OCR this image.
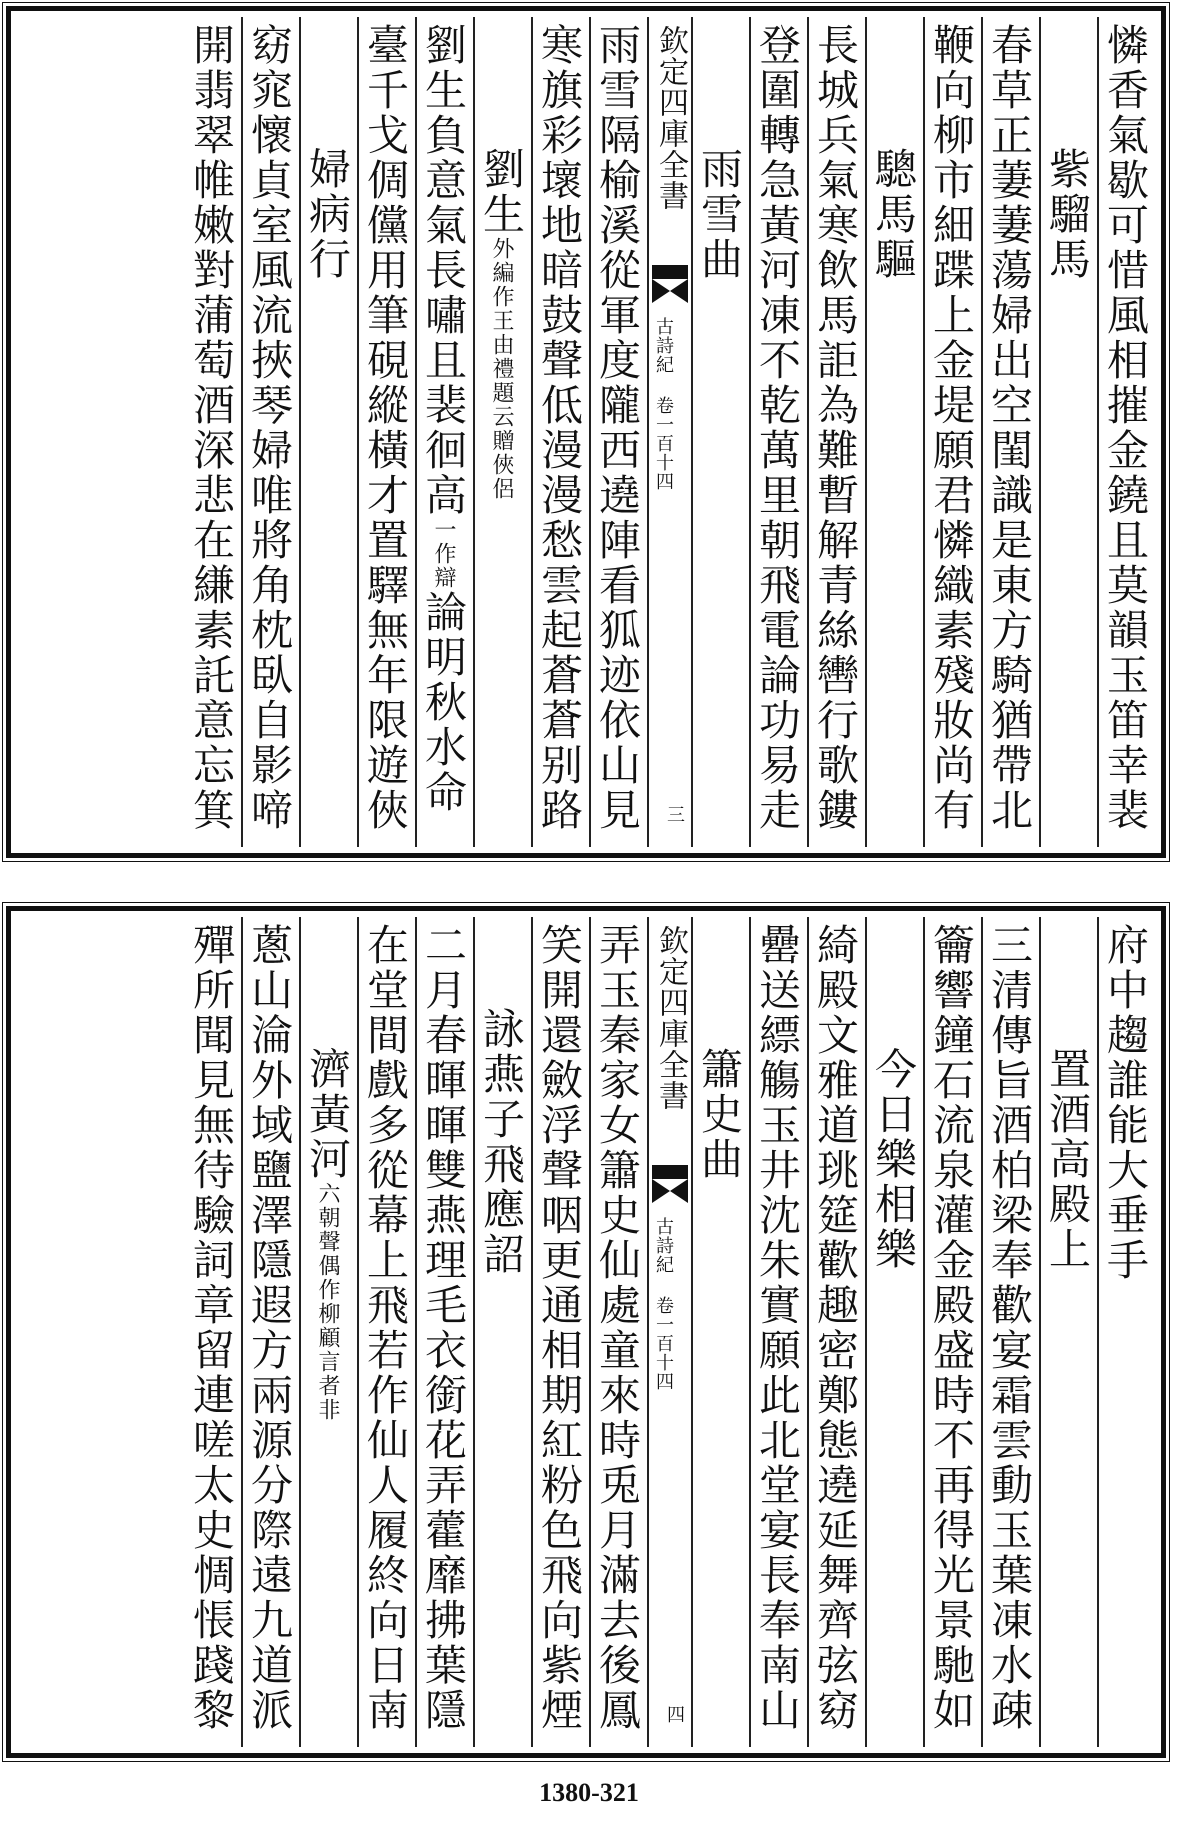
憐香氣歇可惜風相摧金鐃且莫韻玉笛幸裴
紫騮馬
春草正萋萋蕩婦出空閨識是東方騎猶帶北
鞭向柳市細蹀上金堤願君憐織素殘妝尚有
驄馬驅
長城兵氣寒飲馬詎為難暫解青絲轡行歌鏤
登圍轉急黃河凍不乾萬里朝飛電論功易走
雨雪曲
欽定四庫全書
古詩紀 卷一百十四
三
雨雪隔榆溪從軍度隴西遶陣看狐迹依山見
寒旗彩壞地暗鼓聲低漫漫愁雲起蒼蒼别路
劉生外編作王由禮題云贈俠侶
劉生負意氣長嘯且裴徊高一作辯論明秋水命
臺千戈倜儻用筆硯縱橫才置驛無年限遊俠
婦病行
窈窕懷貞室風流挾琴婦唯將角枕臥自影啼
開翡翠帷嫩對蒲萄酒深悲在縑素託意忘箕
府中趨誰能大垂手
置酒高殿上
三清傳旨酒柏梁奉歡宴霜雲動玉葉凍水疎
籥響鐘石流泉灌金殿盛時不再得光景馳如
今日樂相樂
綺殿文雅道珧筵歡趣密鄭態遶延舞齊弦窈
罍送縹觴玉井沈朱實願此北堂宴長奉南山
簫史曲
欽定四庫全書
古詩紀 卷一百十四
四
弄玉秦家女簫史仙處童來時兎月滿去後鳳
笑開還斂浮聲咽更通相期紅粉色飛向紫煙
詠燕子飛應詔
二月春暉暉雙燕理毛衣銜花弄藿靡拂葉隱
在堂間戲多從幕上飛若作仙人履終向日南
濟黃河六朝聲偶作柳顧言者非
蔥山淪外域鹽澤隱遐方兩源分際遠九道派
殫所聞見無待驗詞章留連嗟太史惆悵踐黎
1380-321
